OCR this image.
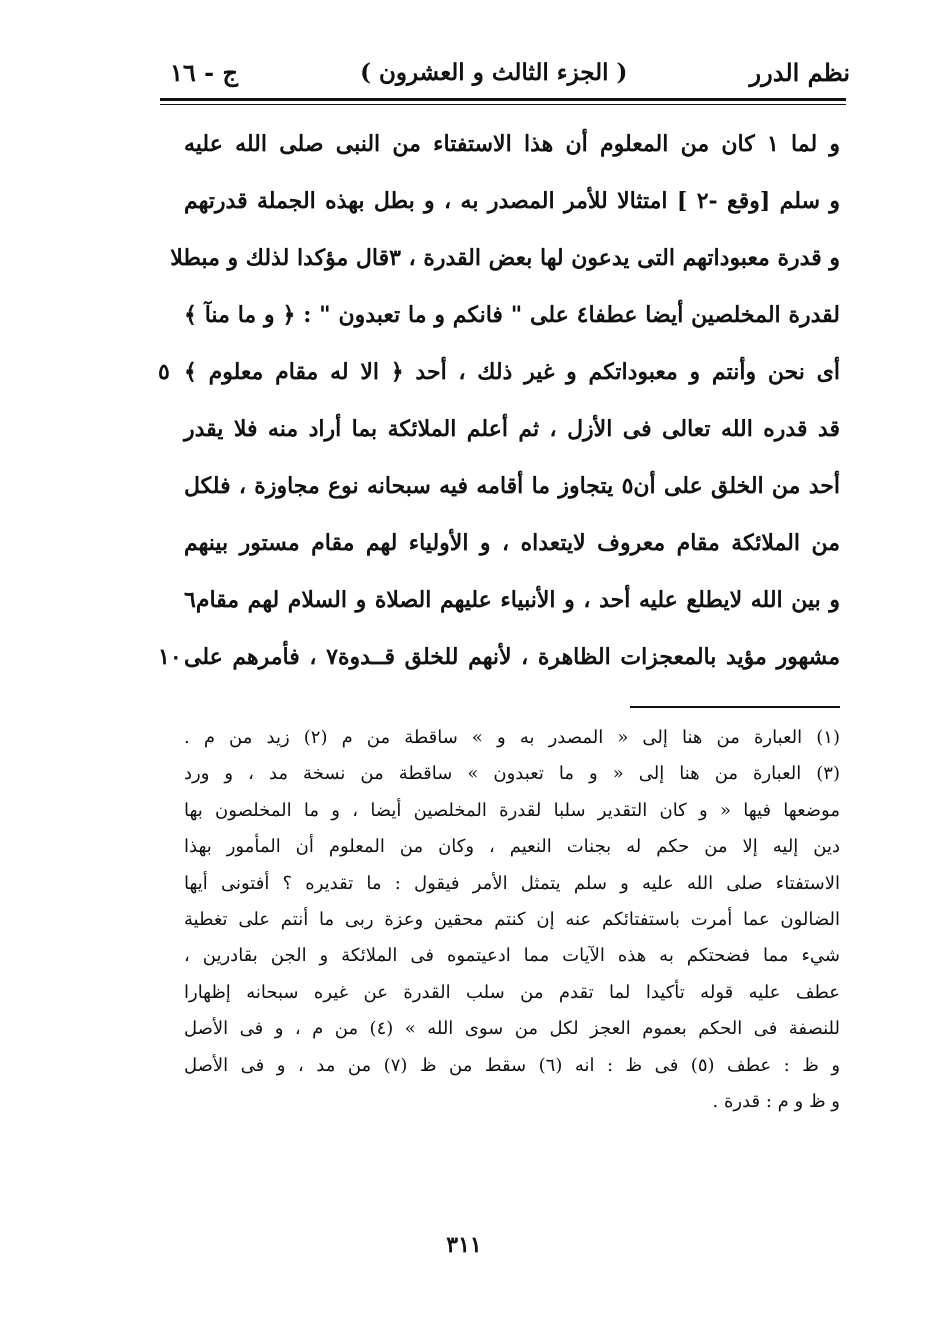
نظم الدرر
( الجزء الثالث و العشرون )
ج - ١٦
و لما ١ كان من المعلوم أن هذا الاستفتاء من النبى صلى الله عليه
و سلم [وقع -٢ ] امتثالا للأمر المصدر به ، و بطل بهذه الجملة قدرتهم
و قدرة معبوداتهم التى يدعون لها بعض القدرة ، ٣قال مؤكدا لذلك و مبطلا
لقدرة المخلصين أيضا عطفا٤ على " فانكم و ما تعبدون " : ﴿ و ما منآ ﴾
أى نحن وأنتم و معبوداتكم و غير ذلك ، أحد ﴿ الا له مقام معلوم ﴾
٥
قد قدره الله تعالى فى الأزل ، ثم أعلم الملائكة بما أراد منه فلا يقدر
أحد من الخلق على أن٥ يتجاوز ما أقامه فيه سبحانه نوع مجاوزة ، فلكل
من الملائكة مقام معروف لايتعداه ، و الأولياء لهم مقام مستور بينهم
و بين الله لايطلع عليه أحد ، و الأنبياء عليهم الصلاة و السلام لهم مقام٦
مشهور مؤيد بالمعجزات الظاهرة ، لأنهم للخلق قــدوة٧ ، فأمرهم على
١٠
(١) العبارة من هنا إلى « المصدر به و » ساقطة من م (٢) زيد من م .
(٣) العبارة من هنا إلى « و ما تعبدون » ساقطة من نسخة مد ، و ورد
موضعها فيها « و كان التقدير سلبا لقدرة المخلصين أيضا ، و ما المخلصون بها
دين إليه إلا من حكم له بجنات النعيم ، وكان من المعلوم أن المأمور بهذا
الاستفتاء صلى الله عليه و سلم يتمثل الأمر فيقول : ما تقديره ؟ أفتونى أيها
الضالون عما أمرت باستفتائكم عنه إن كنتم محقين وعزة ربى ما أنتم على تغطية
شيء مما فضحتكم به هذه الآيات مما ادعيتموه فى الملائكة و الجن بقادرين ،
عطف عليه قوله تأكيدا لما تقدم من سلب القدرة عن غيره سبحانه إظهارا
للنصفة فى الحكم بعموم العجز لكل من سوى الله » (٤) من م ، و فى الأصل
و ظ : عطف (٥) فى ظ : انه (٦) سقط من ظ (٧) من مد ، و فى الأصل
و ظ و م : قدرة .
٣١١
